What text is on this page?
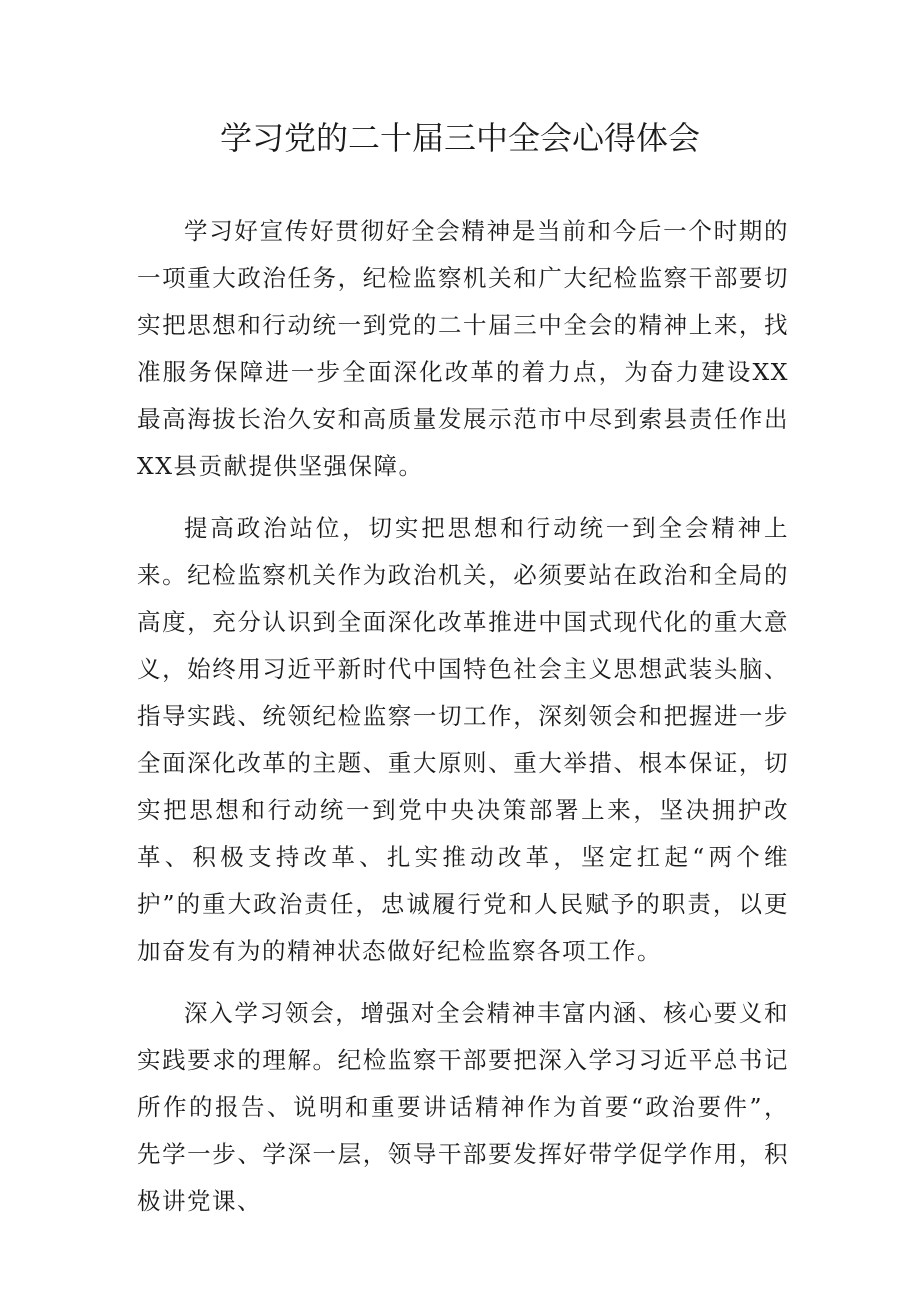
学习党的二十届三中全会心得体会

学习好宣传好贯彻好全会精神是当前和今后一个时期的一项重大政治任务，纪检监察机关和广大纪检监察干部要切实把思想和行动统一到党的二十届三中全会的精神上来，找准服务保障进一步全面深化改革的着力点，为奋力建设XX最高海拔长治久安和高质量发展示范市中尽到索县责任作出XX县贡献提供坚强保障。

提高政治站位，切实把思想和行动统一到全会精神上来。纪检监察机关作为政治机关，必须要站在政治和全局的高度，充分认识到全面深化改革推进中国式现代化的重大意义，始终用习近平新时代中国特色社会主义思想武装头脑、指导实践、统领纪检监察一切工作，深刻领会和把握进一步全面深化改革的主题、重大原则、重大举措、根本保证，切实把思想和行动统一到党中央决策部署上来，坚决拥护改革、积极支持改革、扎实推动改革，坚定扛起“两个维护”的重大政治责任，忠诚履行党和人民赋予的职责，以更加奋发有为的精神状态做好纪检监察各项工作。

深入学习领会，增强对全会精神丰富内涵、核心要义和实践要求的理解。纪检监察干部要把深入学习习近平总书记所作的报告、说明和重要讲话精神作为首要“政治要件”，先学一步、学深一层，领导干部要发挥好带学促学作用，积极讲党课、
